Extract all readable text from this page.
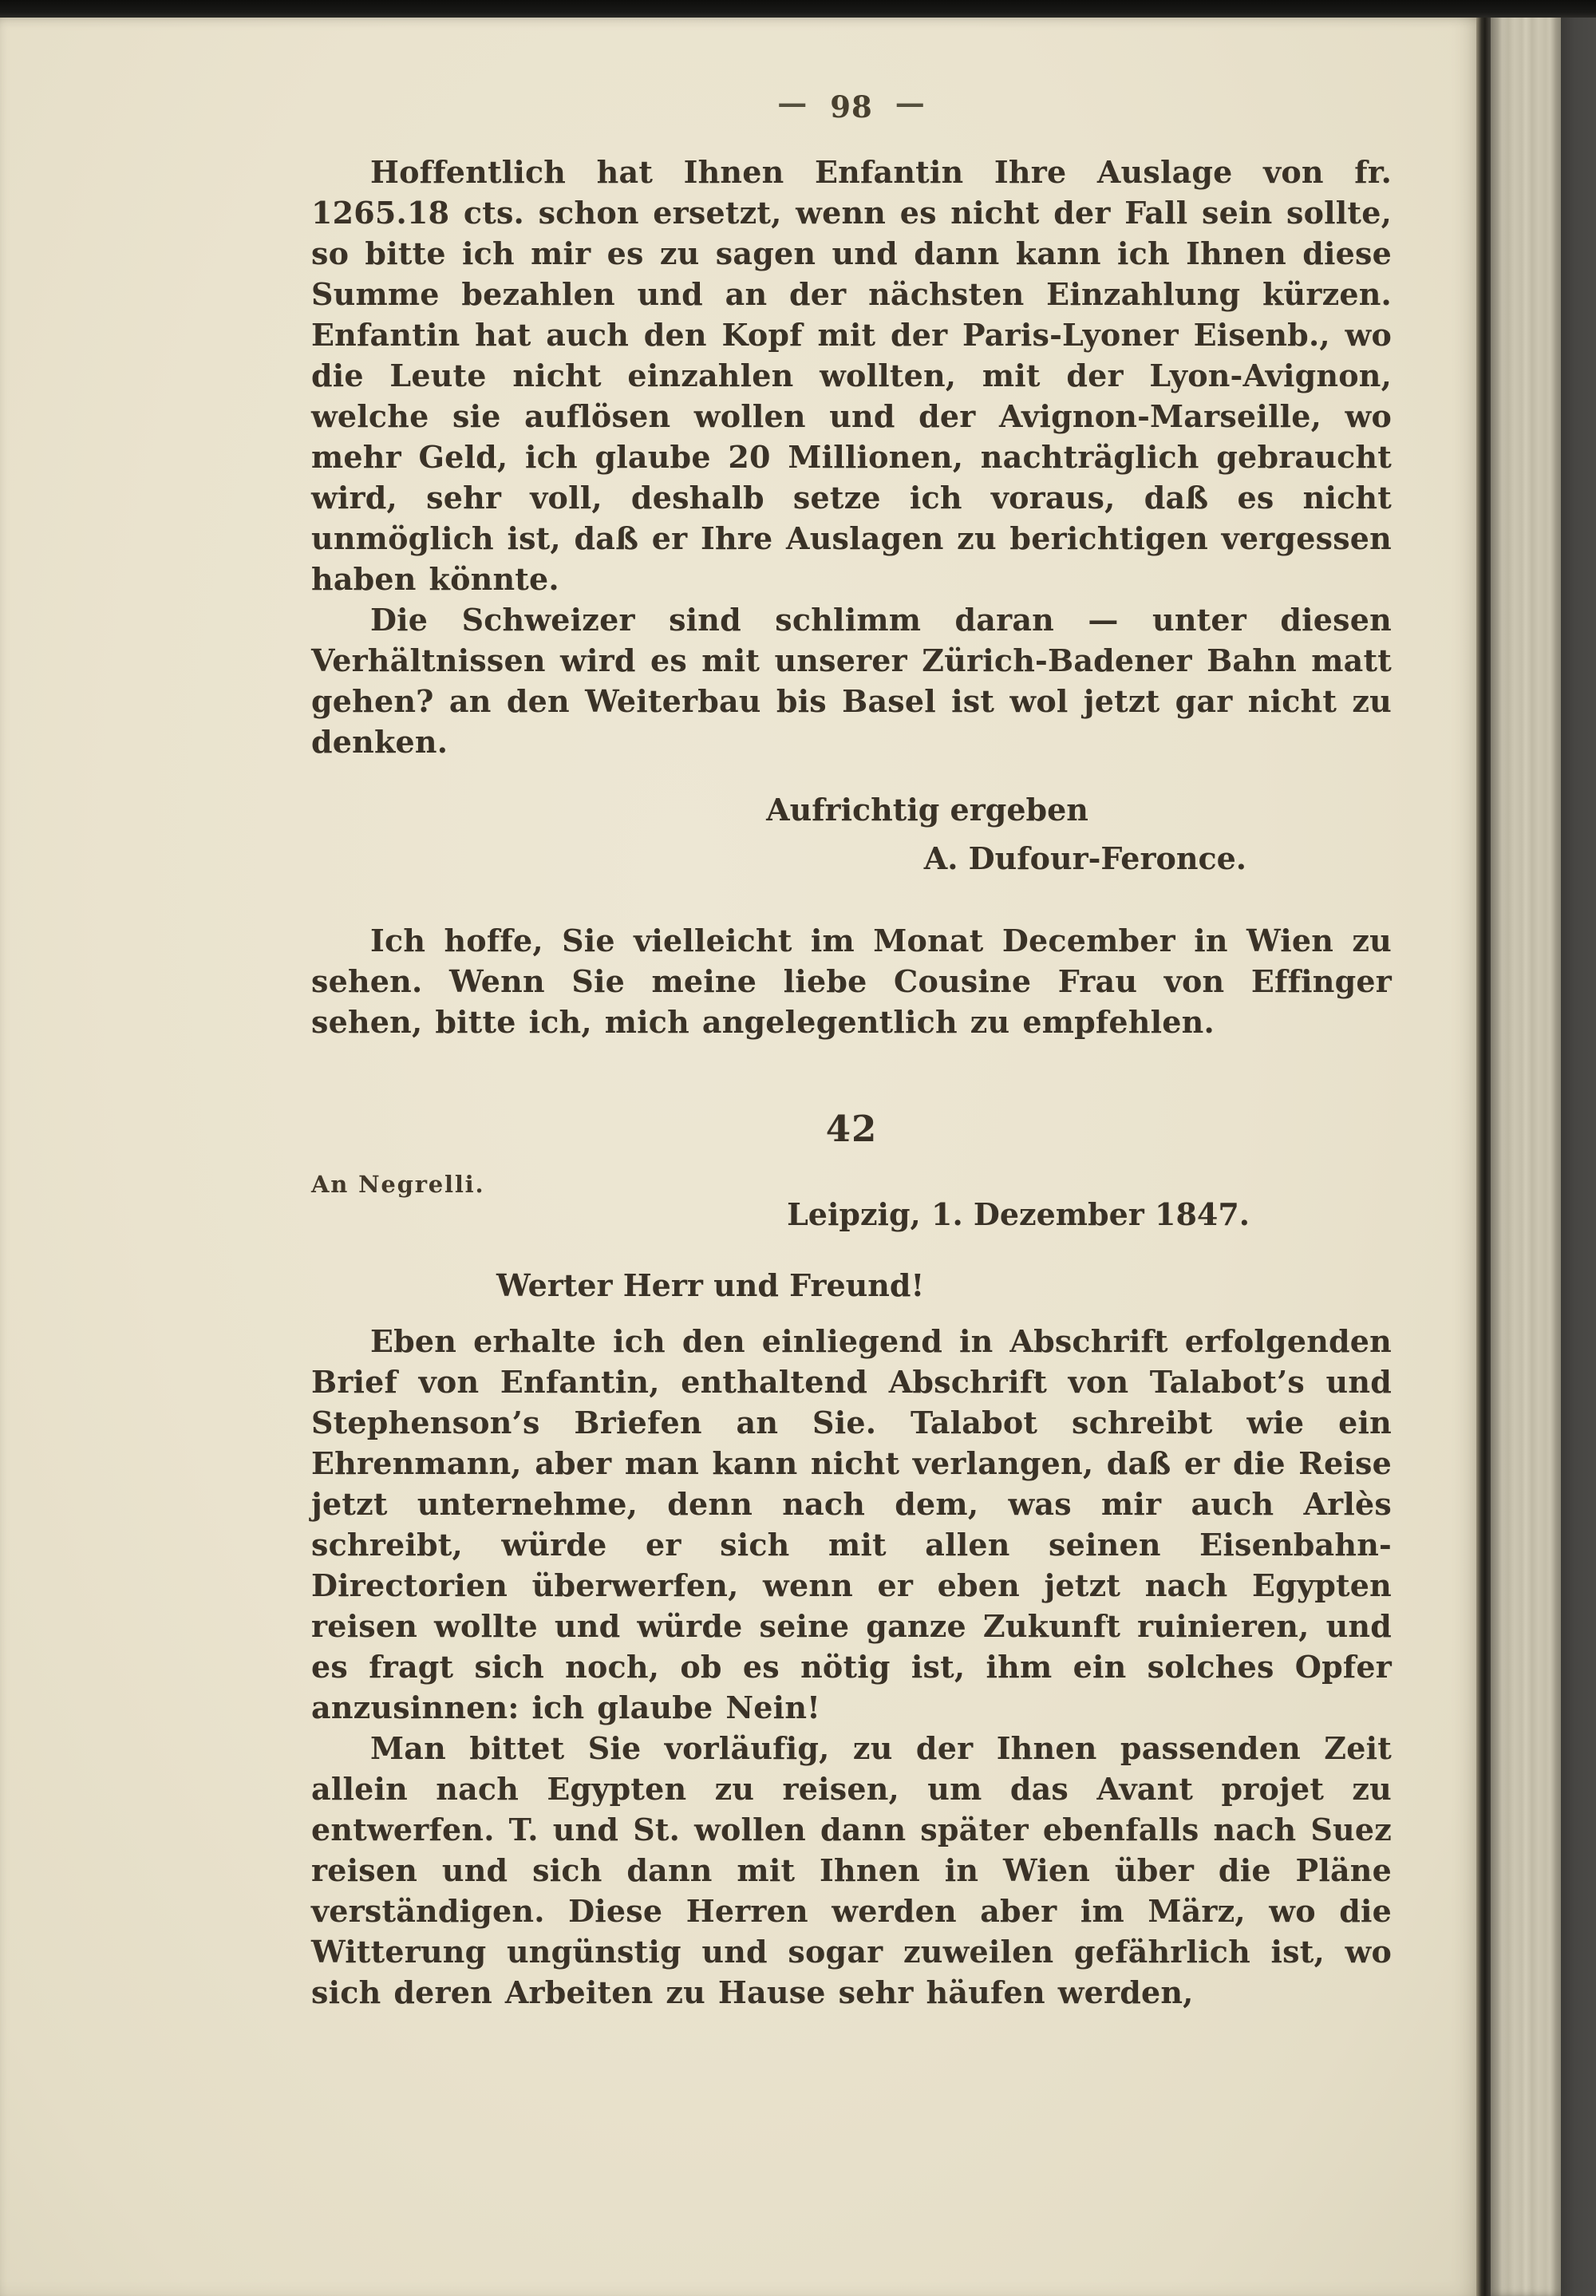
— 98 —

Hoffentlich hat Ihnen Enfantin Ihre Auslage von fr. 1265.18 cts. schon ersetzt, wenn es nicht der Fall sein sollte, so bitte ich mir es zu sagen und dann kann ich Ihnen diese Summe bezahlen und an der nächsten Einzahlung kürzen. Enfantin hat auch den Kopf mit der Paris-Lyoner Eisenb., wo die Leute nicht einzahlen wollten, mit der Lyon-Avignon, welche sie auflösen wollen und der Avignon-Marseille, wo mehr Geld, ich glaube 20 Millionen, nachträglich gebraucht wird, sehr voll, deshalb setze ich voraus, daß es nicht unmöglich ist, daß er Ihre Auslagen zu berichtigen vergessen haben könnte.

Die Schweizer sind schlimm daran — unter diesen Verhältnissen wird es mit unserer Zürich-Badener Bahn matt gehen? an den Weiterbau bis Basel ist wol jetzt gar nicht zu denken.

Aufrichtig ergeben

A. Dufour-Feronce.

Ich hoffe, Sie vielleicht im Monat December in Wien zu sehen. Wenn Sie meine liebe Cousine Frau von Effinger sehen, bitte ich, mich angelegentlich zu empfehlen.

42
An Negrelli.
Leipzig, 1. Dezember 1847.
Werter Herr und Freund!

Eben erhalte ich den einliegend in Abschrift erfolgenden Brief von Enfantin, enthaltend Abschrift von Talabot’s und Stephenson’s Briefen an Sie. Talabot schreibt wie ein Ehrenmann, aber man kann nicht verlangen, daß er die Reise jetzt unternehme, denn nach dem, was mir auch Arlès schreibt, würde er sich mit allen seinen Eisenbahn-Directorien überwerfen, wenn er eben jetzt nach Egypten reisen wollte und würde seine ganze Zukunft ruinieren, und es fragt sich noch, ob es nötig ist, ihm ein solches Opfer anzusinnen: ich glaube Nein!

Man bittet Sie vorläufig, zu der Ihnen passenden Zeit allein nach Egypten zu reisen, um das Avant projet zu entwerfen. T. und St. wollen dann später ebenfalls nach Suez reisen und sich dann mit Ihnen in Wien über die Pläne verständigen. Diese Herren werden aber im März, wo die Witterung ungünstig und sogar zuweilen gefährlich ist, wo sich deren Arbeiten zu Hause sehr häufen werden,
